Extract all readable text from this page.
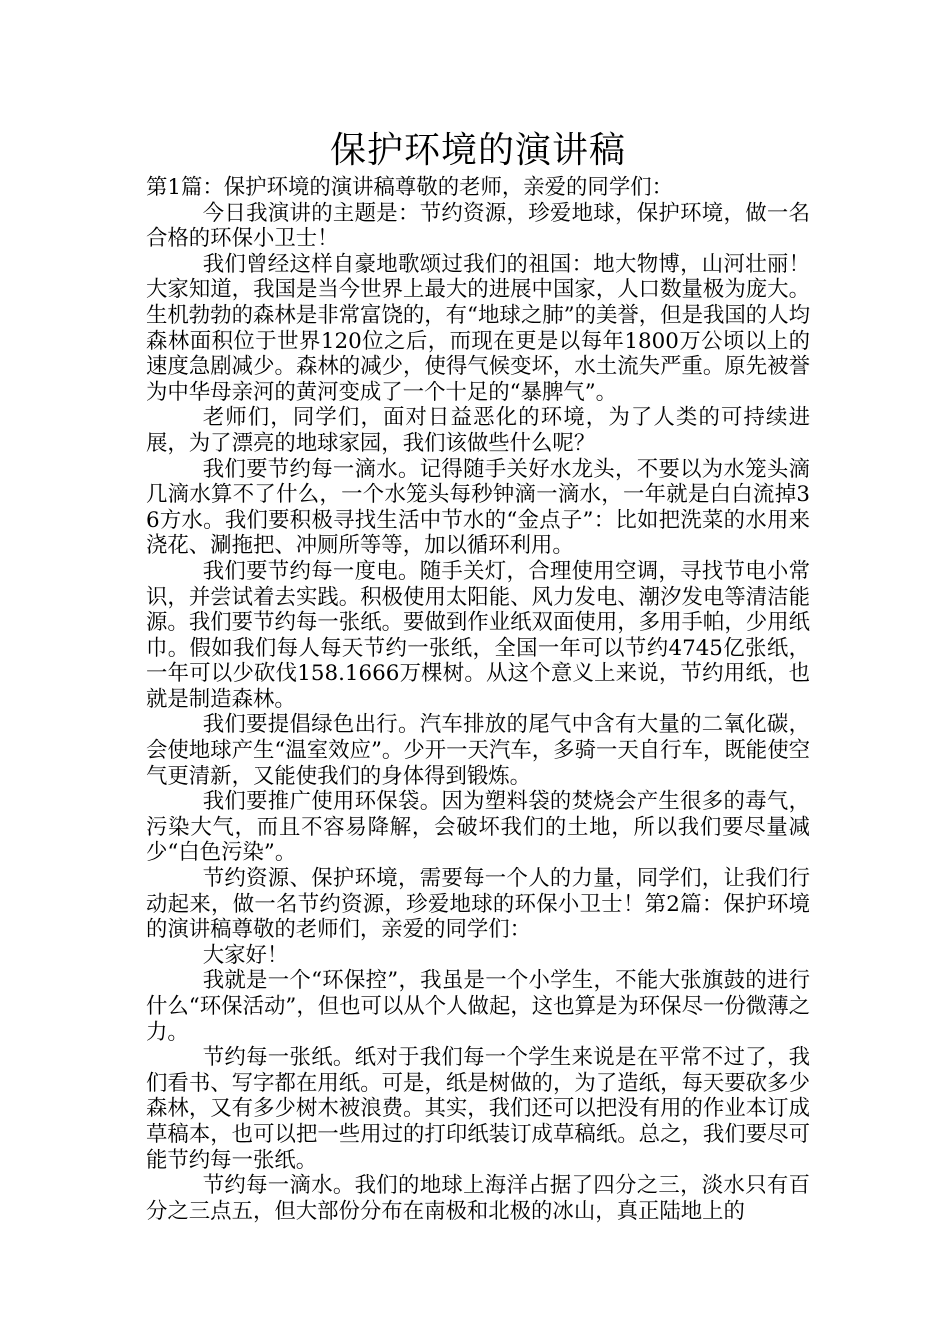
保护环境的演讲稿

第1篇：保护环境的演讲稿尊敬的老师，亲爱的同学们：

今日我演讲的主题是：节约资源，珍爱地球，保护环境，做一名合格的环保小卫士！

我们曾经这样自豪地歌颂过我们的祖国：地大物博，山河壮丽！大家知道，我国是当今世界上最大的进展中国家，人口数量极为庞大。生机勃勃的森林是非常富饶的，有“地球之肺”的美誉，但是我国的人均森林面积位于世界120位之后，而现在更是以每年1800万公顷以上的速度急剧减少。森林的减少，使得气候变坏，水土流失严重。原先被誉为中华母亲河的黄河变成了一个十足的“暴脾气”。

老师们，同学们，面对日益恶化的环境，为了人类的可持续进展，为了漂亮的地球家园，我们该做些什么呢？

我们要节约每一滴水。记得随手关好水龙头，不要以为水笼头滴几滴水算不了什么，一个水笼头每秒钟滴一滴水，一年就是白白流掉36方水。我们要积极寻找生活中节水的“金点子”：比如把洗菜的水用来浇花、涮拖把、冲厕所等等，加以循环利用。

我们要节约每一度电。随手关灯，合理使用空调，寻找节电小常识，并尝试着去实践。积极使用太阳能、风力发电、潮汐发电等清洁能源。我们要节约每一张纸。要做到作业纸双面使用，多用手帕，少用纸巾。假如我们每人每天节约一张纸，全国一年可以节约4745亿张纸，一年可以少砍伐158.1666万棵树。从这个意义上来说，节约用纸，也就是制造森林。

我们要提倡绿色出行。汽车排放的尾气中含有大量的二氧化碳，会使地球产生“温室效应”。少开一天汽车，多骑一天自行车，既能使空气更清新，又能使我们的身体得到锻炼。

我们要推广使用环保袋。因为塑料袋的焚烧会产生很多的毒气，污染大气，而且不容易降解，会破坏我们的土地，所以我们要尽量减少“白色污染”。

节约资源、保护环境，需要每一个人的力量，同学们，让我们行动起来，做一名节约资源，珍爱地球的环保小卫士！第2篇：保护环境的演讲稿尊敬的老师们，亲爱的同学们：

大家好！

我就是一个“环保控”，我虽是一个小学生，不能大张旗鼓的进行什么“环保活动”，但也可以从个人做起，这也算是为环保尽一份微薄之力。

节约每一张纸。纸对于我们每一个学生来说是在平常不过了，我们看书、写字都在用纸。可是，纸是树做的，为了造纸，每天要砍多少森林，又有多少树木被浪费。其实，我们还可以把没有用的作业本订成草稿本，也可以把一些用过的打印纸装订成草稿纸。总之，我们要尽可能节约每一张纸。

节约每一滴水。我们的地球上海洋占据了四分之三，淡水只有百分之三点五，但大部份分布在南极和北极的冰山，真正陆地上的
